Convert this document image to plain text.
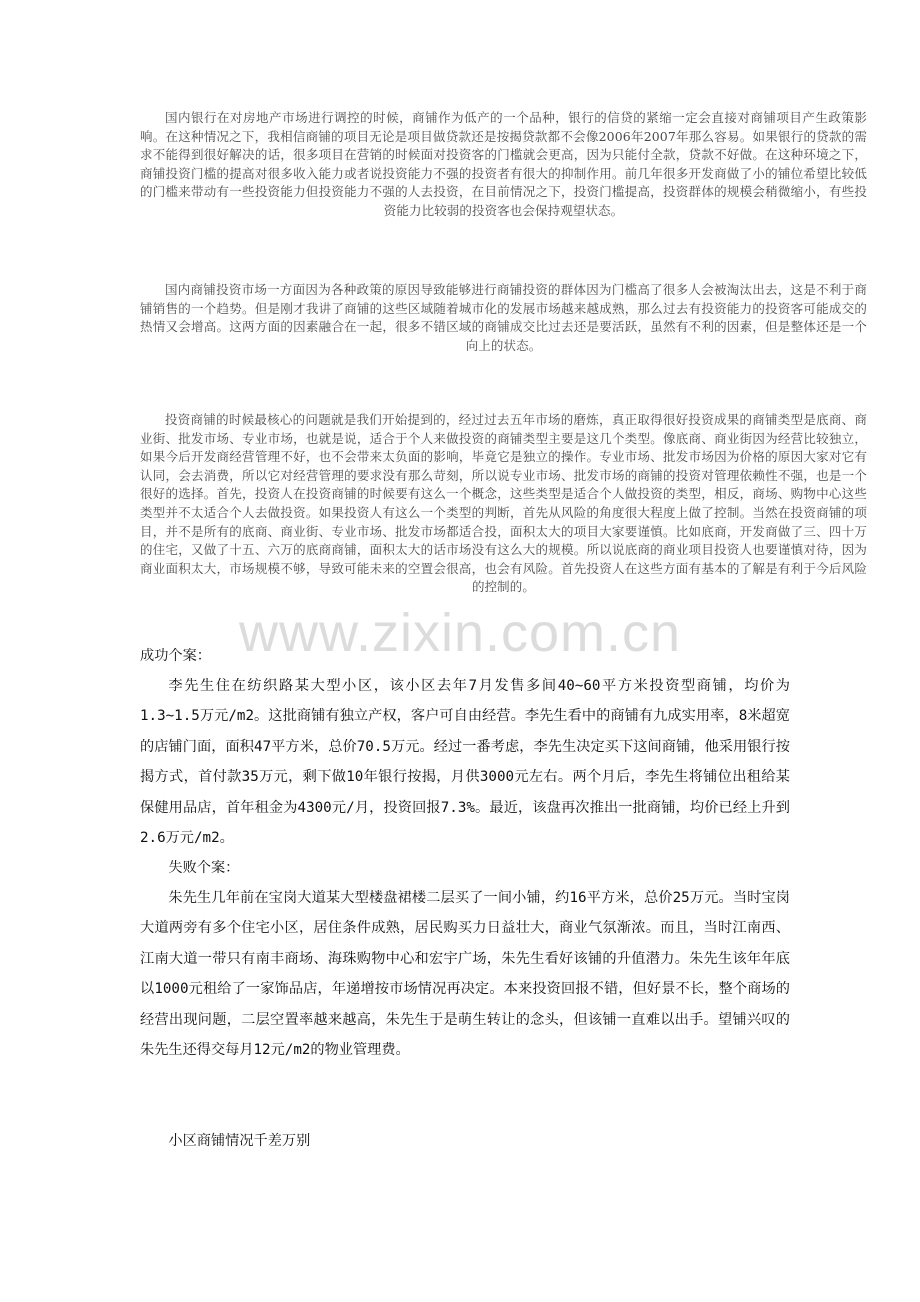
国内银行在对房地产市场进行调控的时候，商铺作为低产的一个品种，银行的信贷的紧缩一定会直接对商铺项目产生政策影响。在这种情况之下，我相信商铺的项目无论是项目做贷款还是按揭贷款都不会像2006年2007年那么容易。如果银行的贷款的需求不能得到很好解决的话，很多项目在营销的时候面对投资客的门槛就会更高，因为只能付全款，贷款不好做。在这种环境之下，商铺投资门槛的提高对很多收入能力或者说投资能力不强的投资者有很大的抑制作用。前几年很多开发商做了小的铺位希望比较低的门槛来带动有一些投资能力但投资能力不强的人去投资，在目前情况之下，投资门槛提高，投资群体的规模会稍微缩小，有些投资能力比较弱的投资客也会保持观望状态。

国内商铺投资市场一方面因为各种政策的原因导致能够进行商铺投资的群体因为门槛高了很多人会被淘汰出去，这是不利于商铺销售的一个趋势。但是刚才我讲了商铺的这些区域随着城市化的发展市场越来越成熟，那么过去有投资能力的投资客可能成交的热情又会增高。这两方面的因素融合在一起，很多不错区域的商铺成交比过去还是要活跃，虽然有不利的因素，但是整体还是一个向上的状态。

投资商铺的时候最核心的问题就是我们开始提到的，经过过去五年市场的磨炼，真正取得很好投资成果的商铺类型是底商、商业街、批发市场、专业市场，也就是说，适合于个人来做投资的商铺类型主要是这几个类型。像底商、商业街因为经营比较独立，如果今后开发商经营管理不好，也不会带来太负面的影响，毕竟它是独立的操作。专业市场、批发市场因为价格的原因大家对它有认同，会去消费，所以它对经营管理的要求没有那么苛刻，所以说专业市场、批发市场的商铺的投资对管理依赖性不强，也是一个很好的选择。首先，投资人在投资商铺的时候要有这么一个概念，这些类型是适合个人做投资的类型，相反，商场、购物中心这些类型并不太适合个人去做投资。如果投资人有这么一个类型的判断，首先从风险的角度很大程度上做了控制。当然在投资商铺的项目，并不是所有的底商、商业街、专业市场、批发市场都适合投，面积太大的项目大家要谨慎。比如底商，开发商做了三、四十万的住宅，又做了十五、六万的底商商铺，面积太大的话市场没有这么大的规模。所以说底商的商业项目投资人也要谨慎对待，因为商业面积太大，市场规模不够，导致可能未来的空置会很高，也会有风险。首先投资人在这些方面有基本的了解是有利于今后风险的控制的。

www.zixin.com.cn

成功个案：

李先生住在纺织路某大型小区，该小区去年7月发售多间40~60平方米投资型商铺，均价为1.3~1.5万元/m2。这批商铺有独立产权，客户可自由经营。李先生看中的商铺有九成实用率，8米超宽的店铺门面，面积47平方米，总价70.5万元。经过一番考虑，李先生决定买下这间商铺，他采用银行按揭方式，首付款35万元，剩下做10年银行按揭，月供3000元左右。两个月后，李先生将铺位出租给某保健用品店，首年租金为4300元/月，投资回报7.3%。最近，该盘再次推出一批商铺，均价已经上升到2.6万元/m2。

失败个案：

朱先生几年前在宝岗大道某大型楼盘裙楼二层买了一间小铺，约16平方米，总价25万元。当时宝岗大道两旁有多个住宅小区，居住条件成熟，居民购买力日益壮大，商业气氛渐浓。而且，当时江南西、江南大道一带只有南丰商场、海珠购物中心和宏宇广场，朱先生看好该铺的升值潜力。朱先生该年年底以1000元租给了一家饰品店，年递增按市场情况再决定。本来投资回报不错，但好景不长，整个商场的经营出现问题，二层空置率越来越高，朱先生于是萌生转让的念头，但该铺一直难以出手。望铺兴叹的朱先生还得交每月12元/m2的物业管理费。

小区商铺情况千差万别
